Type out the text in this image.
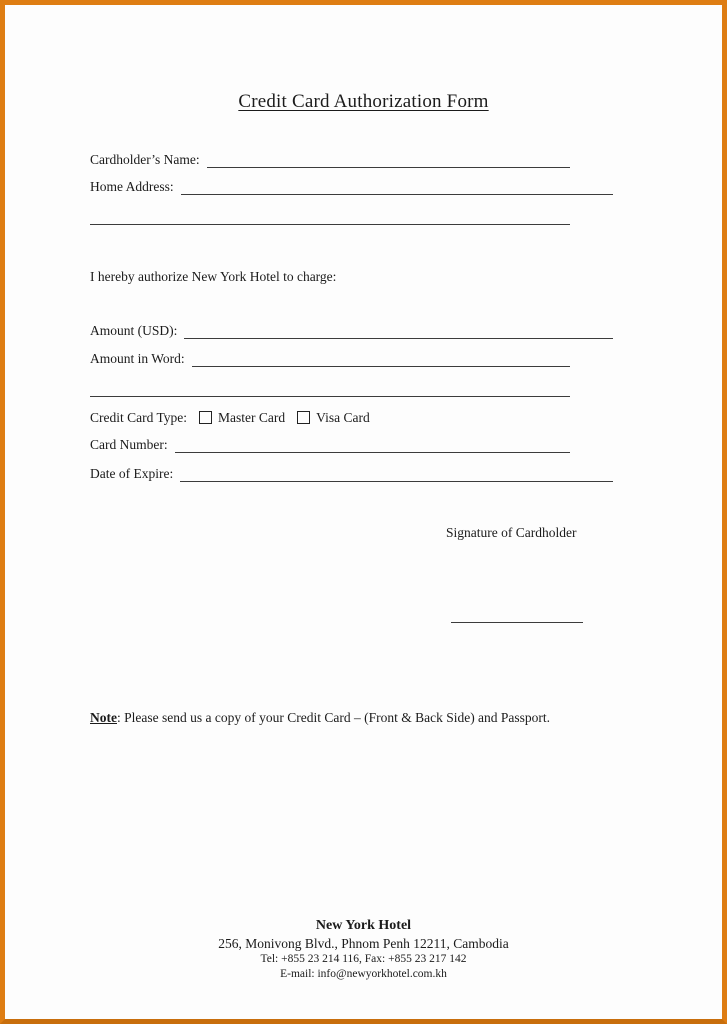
Credit Card Authorization Form
Cardholder’s Name:
Home Address:
I hereby authorize New York Hotel to charge:
Amount (USD):
Amount in Word:
Credit Card Type: Master Card Visa Card
Card Number:
Date of Expire:
Signature of Cardholder
Note: Please send us a copy of your Credit Card – (Front & Back Side) and Passport.
New York Hotel
256, Monivong Blvd., Phnom Penh 12211, Cambodia
Tel: +855 23 214 116, Fax: +855 23 217 142
E-mail: info@newyorkhotel.com.kh
